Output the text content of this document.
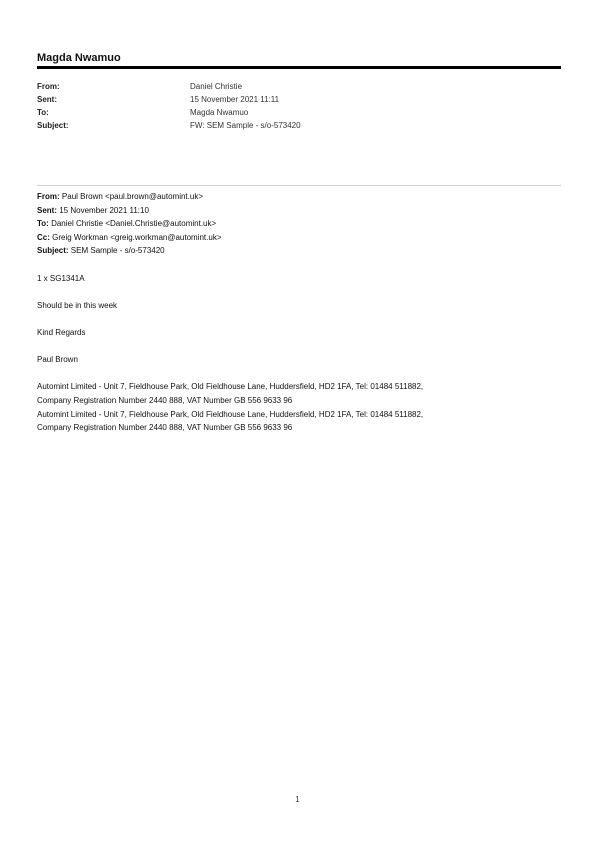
Magda Nwamuo
From:	Daniel Christie
Sent:	15 November 2021 11:11
To:	Magda Nwamuo
Subject:	FW: SEM Sample - s/o-573420
From: Paul Brown <paul.brown@automint.uk>
Sent: 15 November 2021 11:10
To: Daniel Christie <Daniel.Christie@automint.uk>
Cc: Greig Workman <greig.workman@automint.uk>
Subject: SEM Sample - s/o-573420
1 x SG1341A
Should be in this week
Kind Regards
Paul Brown
Automint Limited - Unit 7, Fieldhouse Park, Old Fieldhouse Lane, Huddersfield, HD2 1FA, Tel: 01484 511882,
Company Registration Number 2440 888, VAT Number GB 556 9633 96
Automint Limited - Unit 7, Fieldhouse Park, Old Fieldhouse Lane, Huddersfield, HD2 1FA, Tel: 01484 511882,
Company Registration Number 2440 888, VAT Number GB 556 9633 96
1
